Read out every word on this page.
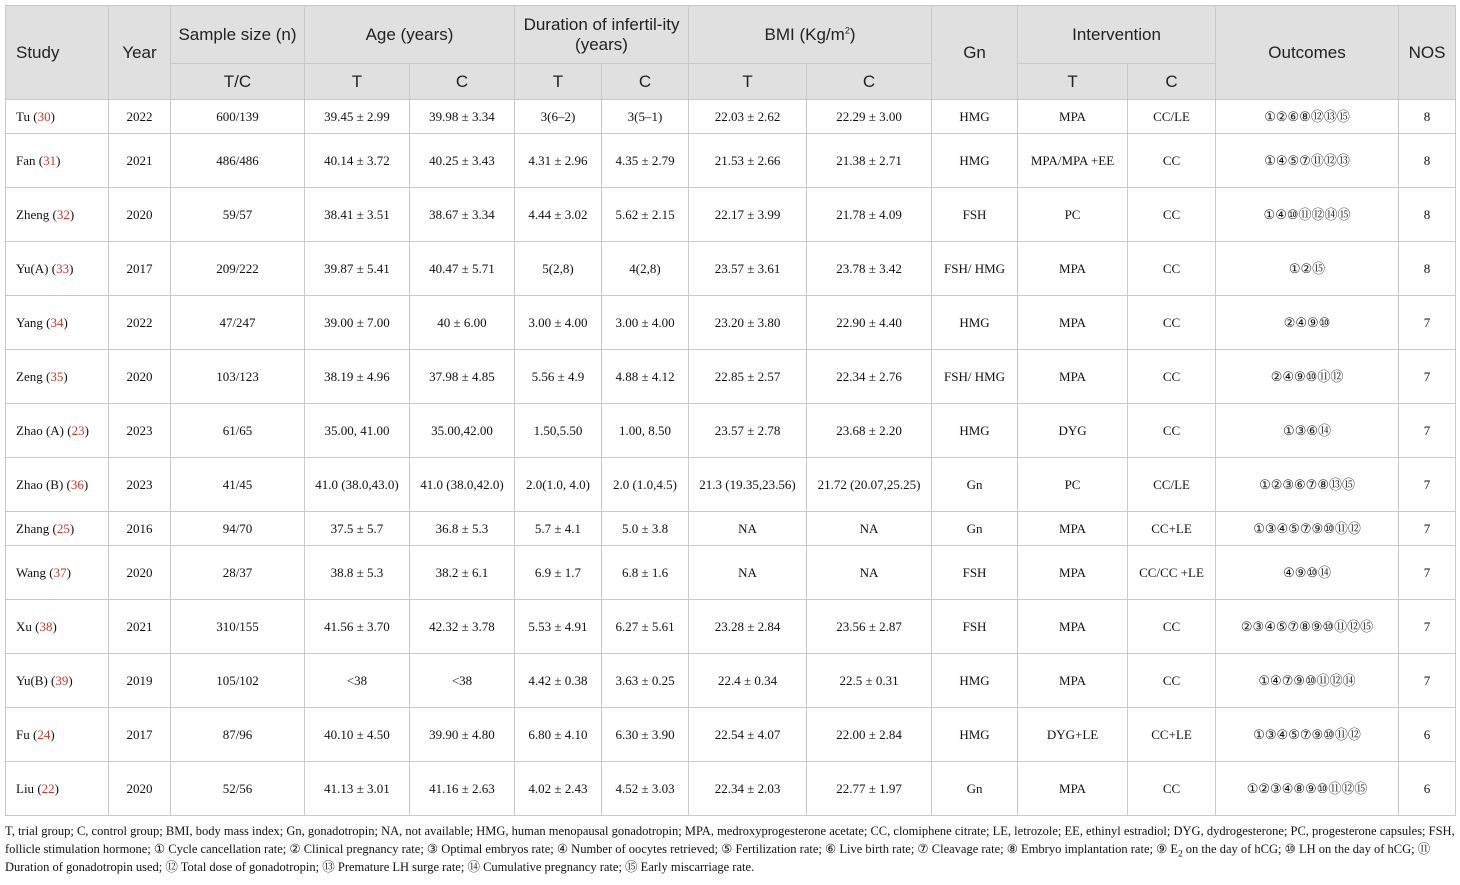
Study	Year	Sample size (n)	Age (years)		Duration of infertil-ity (years)		BMI $(Kg/m^2)$		Gn	Intervention		Outcomes	NOS
		T/C	T	C	T	C	T	C		T	C		
Tu (30)	2022	600/139	39.45 ± 2.99	39.98 ± 3.34	3(6–2)	3(5–1)	22.03 ± 2.62	22.29 ± 3.00	HMG	MPA	CC/LE	①②⑥⑧⑫⑬⑮	8
Fan (31)	2021	486/486	40.14 ± 3.72	40.25 ± 3.43	4.31 ± 2.96	4.35 ± 2.79	21.53 ± 2.66	21.38 ± 2.71	HMG	MPA/MPA +EE	CC	①④⑤⑦⑪⑫⑬	8
Zheng (32)	2020	59/57	38.41 ± 3.51	38.67 ± 3.34	4.44 ± 3.02	5.62 ± 2.15	22.17 ± 3.99	21.78 ± 4.09	FSH	PC	CC	①④⑩⑪⑫⑭⑮	8
Yu(A) (33)	2017	209/222	39.87 ± 5.41	40.47 ± 5.71	5(2,8)	4(2,8)	23.57 ± 3.61	23.78 ± 3.42	FSH/ HMG	MPA	CC	①②⑮	8
Yang (34)	2022	47/247	39.00 ± 7.00	40 ± 6.00	3.00 ± 4.00	3.00 ± 4.00	23.20 ± 3.80	22.90 ± 4.40	HMG	MPA	CC	②④⑨⑩	7
Zeng (35)	2020	103/123	38.19 ± 4.96	37.98 ± 4.85	5.56 ± 4.9	4.88 ± 4.12	22.85 ± 2.57	22.34 ± 2.76	FSH/ HMG	MPA	CC	②④⑨⑩⑪⑫	7
Zhao (A) (23)	2023	61/65	35.00, 41.00	35.00,42.00	1.50,5.50	1.00, 8.50	23.57 ± 2.78	23.68 ± 2.20	HMG	DYG	CC	①③⑥⑭	7
Zhao (B) (36)	2023	41/45	41.0 (38.0,43.0)	41.0 (38.0,42.0)	2.0(1.0, 4.0)	2.0 (1.0,4.5)	21.3 (19.35,23.56)	21.72 (20.07,25.25)	Gn	PC	CC/LE	①②③⑥⑦⑧⑬⑮	7
Zhang (25)	2016	94/70	37.5 ± 5.7	36.8 ± 5.3	5.7 ± 4.1	5.0 ± 3.8	NA	NA	Gn	MPA	CC+LE	①③④⑤⑦⑨⑩⑪⑫	7
Wang (37)	2020	28/37	38.8 ± 5.3	38.2 ± 6.1	6.9 ± 1.7	6.8 ± 1.6	NA	NA	FSH	MPA	CC/CC +LE	④⑨⑩⑭	7
Xu (38)	2021	310/155	41.56 ± 3.70	42.32 ± 3.78	5.53 ± 4.91	6.27 ± 5.61	23.28 ± 2.84	23.56 ± 2.87	FSH	MPA	CC	②③④⑤⑦⑧⑨⑩⑪⑫⑮	7
Yu(B) (39)	2019	105/102	<38	<38	4.42 ± 0.38	3.63 ± 0.25	22.4 ± 0.34	22.5 ± 0.31	HMG	MPA	CC	①④⑦⑨⑩⑪⑫⑭	7
Fu (24)	2017	87/96	40.10 ± 4.50	39.90 ± 4.80	6.80 ± 4.10	6.30 ± 3.90	22.54 ± 4.07	22.00 ± 2.84	HMG	DYG+LE	CC+LE	①③④⑤⑦⑨⑩⑪⑫	6
Liu (22)	2020	52/56	41.13 ± 3.01	41.16 ± 2.63	4.02 ± 2.43	4.52 ± 3.03	22.34 ± 2.03	22.77 ± 1.97	Gn	MPA	CC	①②③④⑧⑨⑩⑪⑫⑮	6
T, trial group; C, control group; BMI, body mass index; Gn, gonadotropin; NA, not available; HMG, human menopausal gonadotropin; MPA, medroxyprogesterone acetate; CC, clomiphene citrate; LE, letrozole; EE, ethinyl estradiol; DYG, dydrogesterone; PC, progesterone capsules; FSH, follicle stimulation hormone; ① Cycle cancellation rate; ② Clinical pregnancy rate; ③ Optimal embryos rate; ④ Number of oocytes retrieved; ⑤ Fertilization rate; ⑥ Live birth rate; ⑦ Cleavage rate; ⑧ Embryo implantation rate; ⑨ $E_2$ on the day of hCG; ⑩ LH on the day of hCG; ⑪ Duration of gonadotropin used; ⑫ Total dose of gonadotropin; ⑬ Premature LH surge rate; ⑭ Cumulative pregnancy rate; ⑮ Early miscarriage rate.
